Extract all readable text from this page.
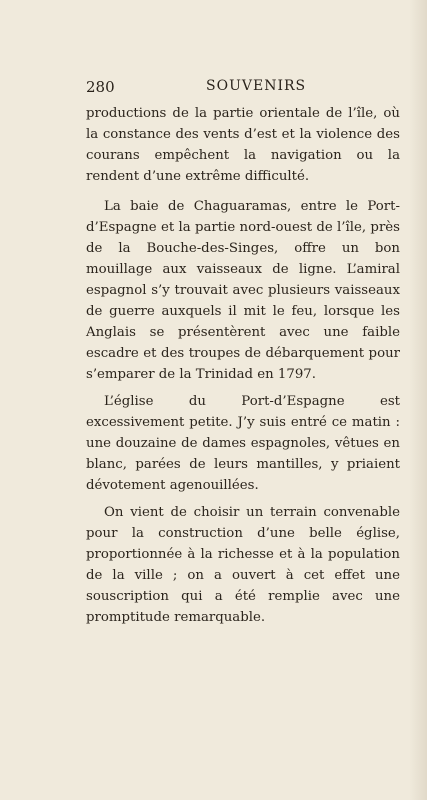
280	SOUVENIRS

productions de la partie orientale de l’île, où la constance des vents d’est et la violence des courans empêchent la navigation ou la rendent d’une extrême difficulté.

La baie de Chaguaramas, entre le Port-d’Espagne et la partie nord-ouest de l’île, près de la Bouche-des-Singes, offre un bon mouillage aux vaisseaux de ligne. L’amiral espagnol s’y trouvait avec plusieurs vaisseaux de guerre auxquels il mit le feu, lorsque les Anglais se présentèrent avec une faible escadre et des troupes de débarquement pour s’emparer de la Trinidad en 1797.

L’église du Port-d’Espagne est excessivement petite. J’y suis entré ce matin : une douzaine de dames espagnoles, vêtues en blanc, parées de leurs mantilles, y priaient dévotement agenouillées.

On vient de choisir un terrain convenable pour la construction d’une belle église, proportionnée à la richesse et à la population de la ville ; on a ouvert à cet effet une souscription qui a été remplie avec une promptitude remarquable.
